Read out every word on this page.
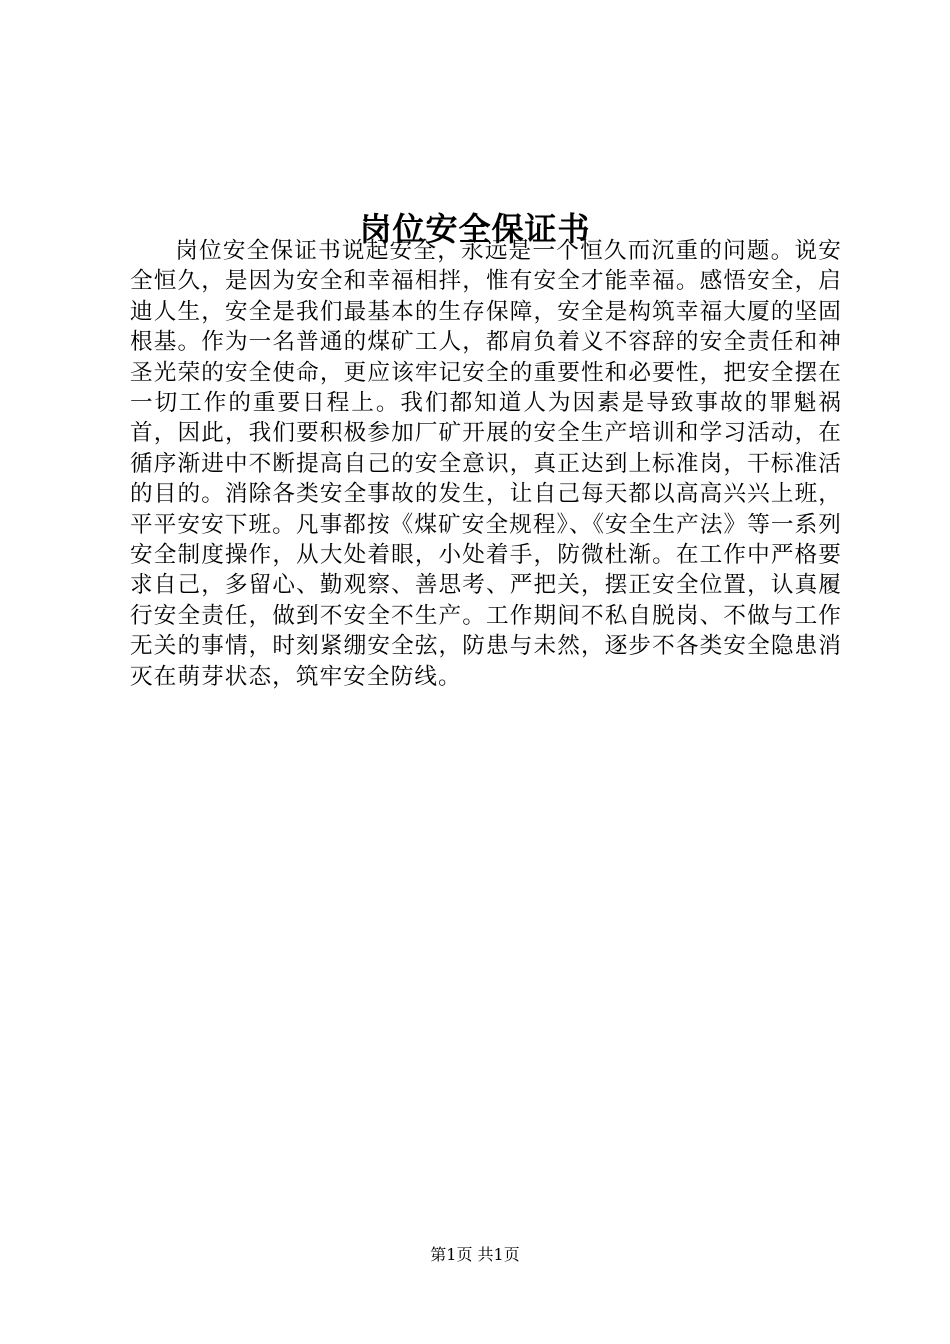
岗位安全保证书

岗位安全保证书说起安全，永远是一个恒久而沉重的问题。说安全恒久，是因为安全和幸福相拌，惟有安全才能幸福。感悟安全，启迪人生，安全是我们最基本的生存保障，安全是构筑幸福大厦的坚固根基。作为一名普通的煤矿工人，都肩负着义不容辞的安全责任和神圣光荣的安全使命，更应该牢记安全的重要性和必要性，把安全摆在一切工作的重要日程上。我们都知道人为因素是导致事故的罪魁祸首，因此，我们要积极参加厂矿开展的安全生产培训和学习活动，在循序渐进中不断提高自己的安全意识，真正达到上标准岗，干标准活的目的。消除各类安全事故的发生，让自己每天都以高高兴兴上班，平平安安下班。凡事都按《煤矿安全规程》、《安全生产法》等一系列安全制度操作，从大处着眼，小处着手，防微杜渐。在工作中严格要求自己，多留心、勤观察、善思考、严把关，摆正安全位置，认真履行安全责任，做到不安全不生产。工作期间不私自脱岗、不做与工作无关的事情，时刻紧绷安全弦，防患与未然，逐步不各类安全隐患消灭在萌芽状态，筑牢安全防线。

第1页 共1页
